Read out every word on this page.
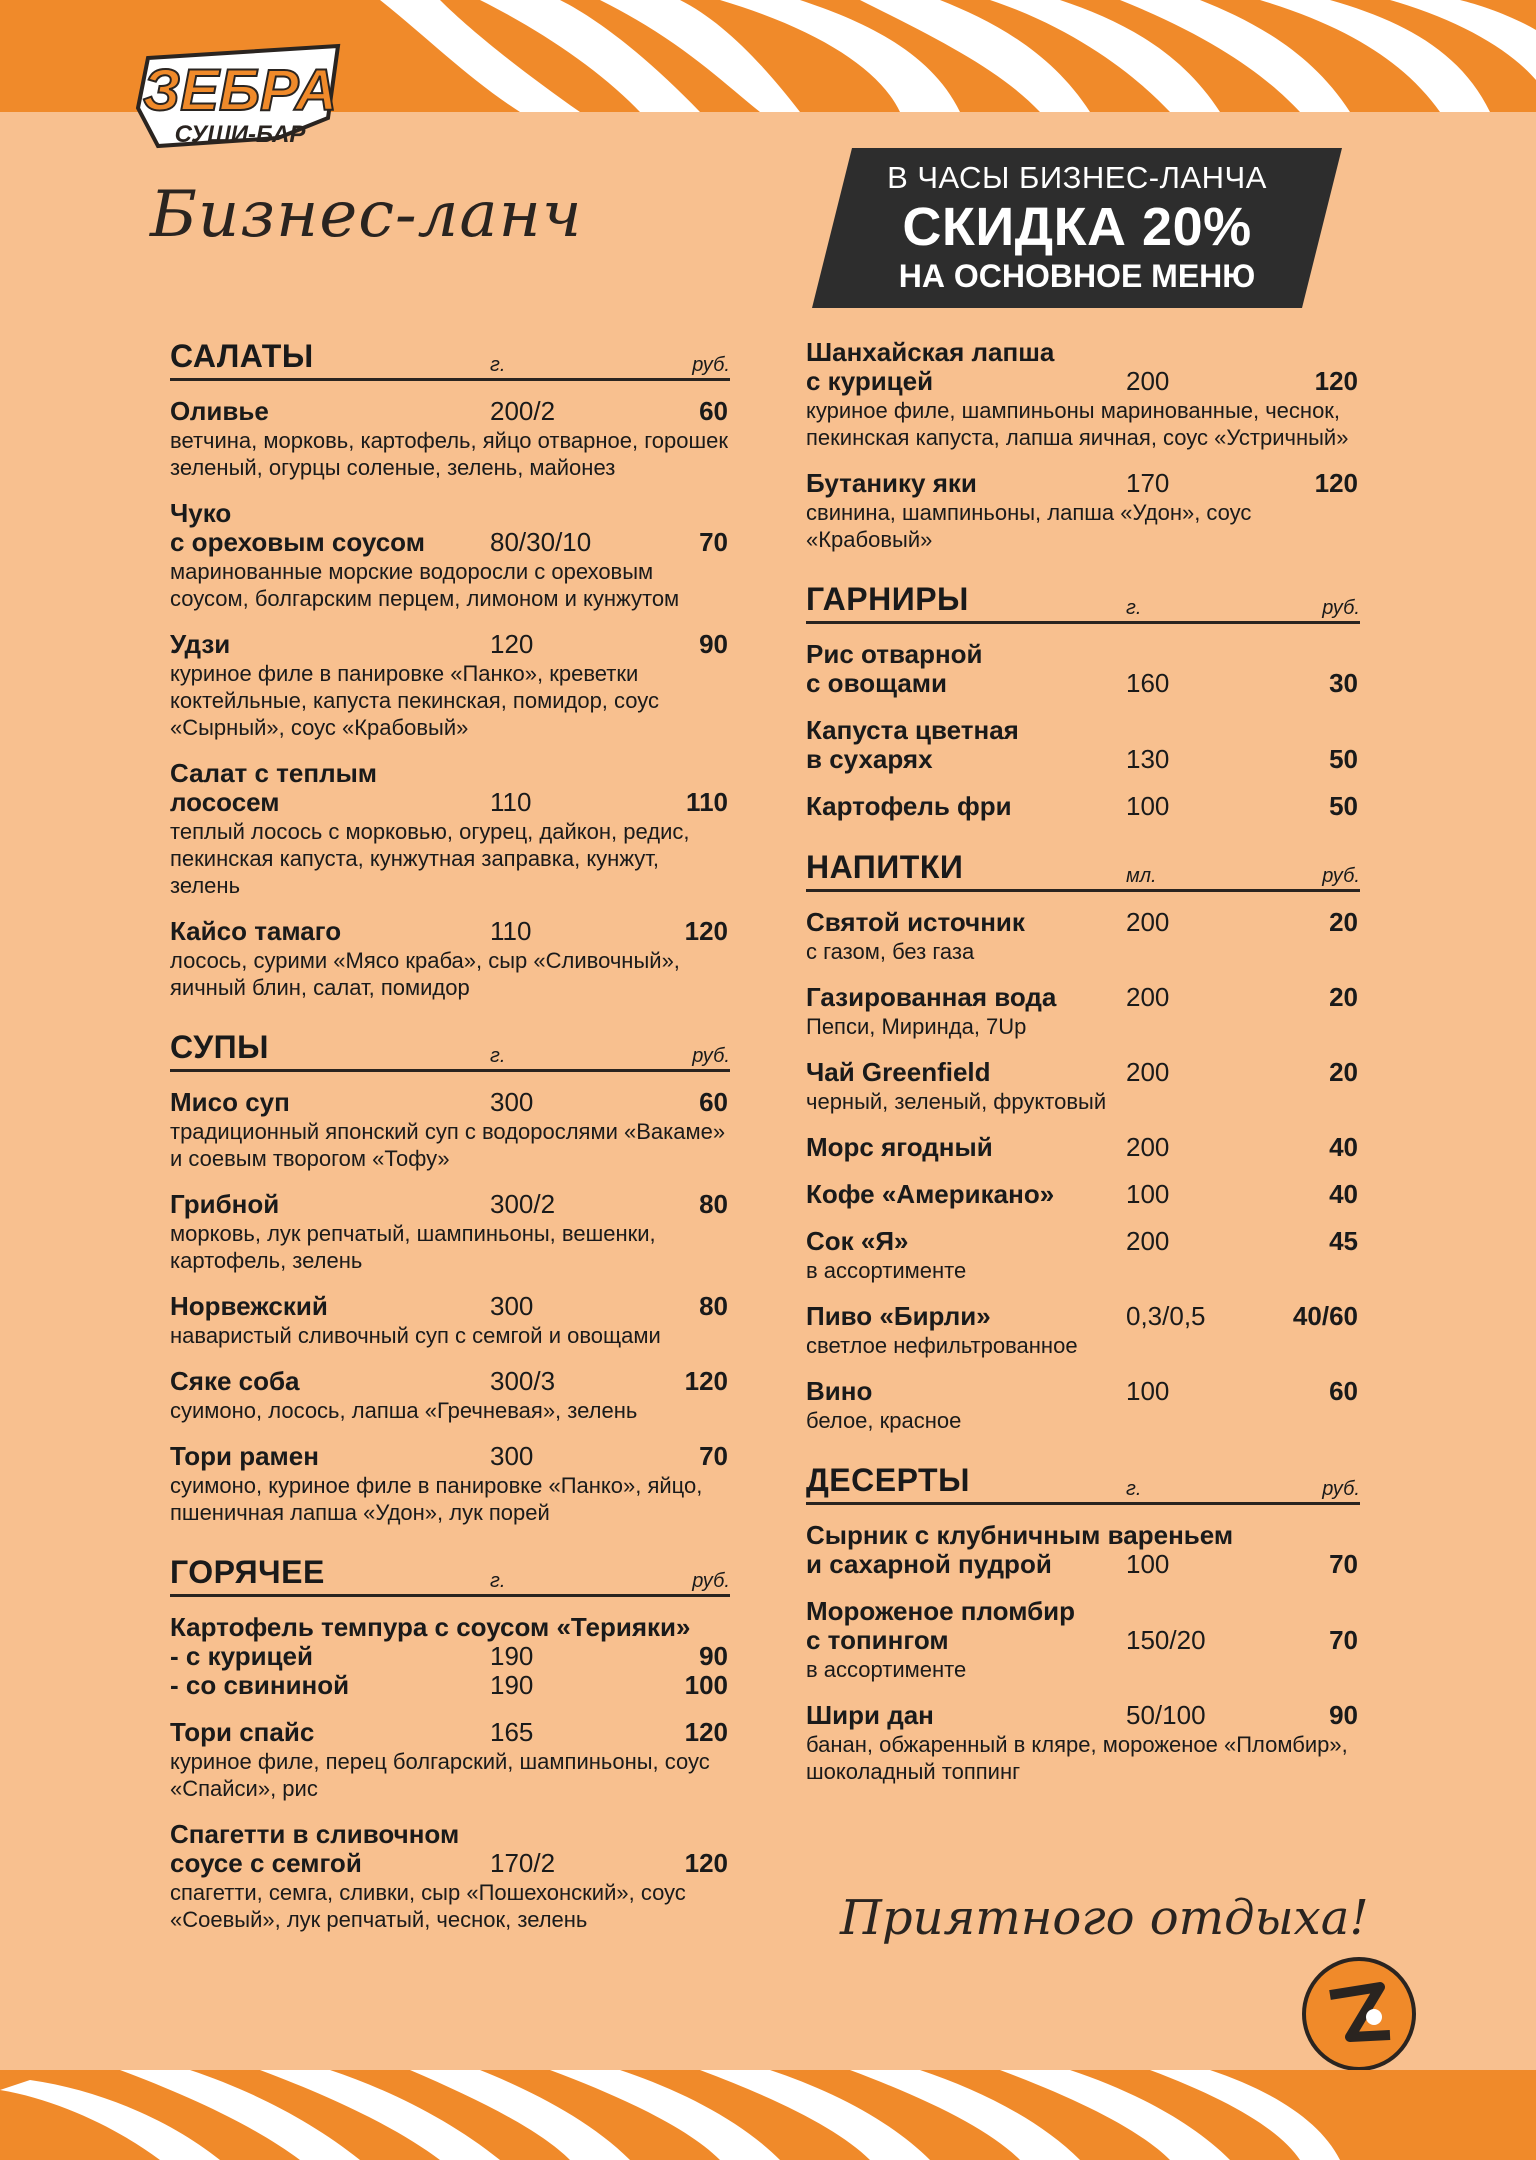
ЗЕБРА
СУШИ-БАР
Бизнес-ланч
В ЧАСЫ БИЗНЕС-ЛАНЧА
СКИДКА 20%
НА ОСНОВНОЕ МЕНЮ
САЛАТЫ	г.	руб.
Оливье	200/2	60
ветчина, морковь, картофель, яйцо отварное, горошек зеленый, огурцы соленые, зелень, майонез
Чуко
с ореховым соусом	80/30/10	70
маринованные морские водоросли с ореховым соусом, болгарским перцем, лимоном и кунжутом
Удзи	120	90
куриное филе в панировке «Панко», креветки коктейльные, капуста пекинская, помидор, соус «Сырный», соус «Крабовый»
Салат с теплым
лососем	110	110
теплый лосось с морковью, огурец, дайкон, редис, пекинская капуста, кунжутная заправка, кунжут, зелень
Кайсо тамаго	110	120
лосось, сурими «Мясо краба», сыр «Сливочный», яичный блин, салат, помидор
СУПЫ	г.	руб.
Мисо суп	300	60
традиционный японский суп с водорослями «Вакаме» и соевым творогом «Тофу»
Грибной	300/2	80
морковь, лук репчатый, шампиньоны, вешенки, картофель, зелень
Норвежский	300	80
наваристый сливочный суп с семгой и овощами
Сяке соба	300/3	120
суимоно, лосось, лапша «Гречневая», зелень
Тори рамен	300	70
суимоно, куриное филе в панировке «Панко», яйцо, пшеничная лапша «Удон», лук порей
ГОРЯЧЕЕ	г.	руб.
Картофель темпура с соусом «Терияки»
- с курицей	190	90
- со свининой	190	100
Тори спайс	165	120
куриное филе, перец болгарский, шампиньоны, соус «Спайси», рис
Спагетти в сливочном
соусе с семгой	170/2	120
спагетти, семга, сливки, сыр «Пошехонский», соус «Соевый», лук репчатый, чеснок, зелень
Шанхайская лапша
с курицей	200	120
куриное филе, шампиньоны маринованные, чеснок, пекинская капуста, лапша яичная, соус «Устричный»
Бутанику яки	170	120
свинина, шампиньоны, лапша «Удон», соус «Крабовый»
ГАРНИРЫ	г.	руб.
Рис отварной
с овощами	160	30
Капуста цветная
в сухарях	130	50
Картофель фри	100	50
НАПИТКИ	мл.	руб.
Святой источник	200	20
с газом, без газа
Газированная вода	200	20
Пепси, Миринда, 7Up
Чай Greenfield	200	20
черный, зеленый, фруктовый
Морс ягодный	200	40
Кофе «Американо»	100	40
Сок «Я»	200	45
в ассортименте
Пиво «Бирли»	0,3/0,5	40/60
светлое нефильтрованное
Вино	100	60
белое, красное
ДЕСЕРТЫ	г.	руб.
Сырник с клубничным вареньем
и сахарной пудрой	100	70
Мороженое пломбир
с топингом	150/20	70
в ассортименте
Шири дан	50/100	90
банан, обжаренный в кляре, мороженое «Пломбир», шоколадный топпинг
Приятного отдыха!
